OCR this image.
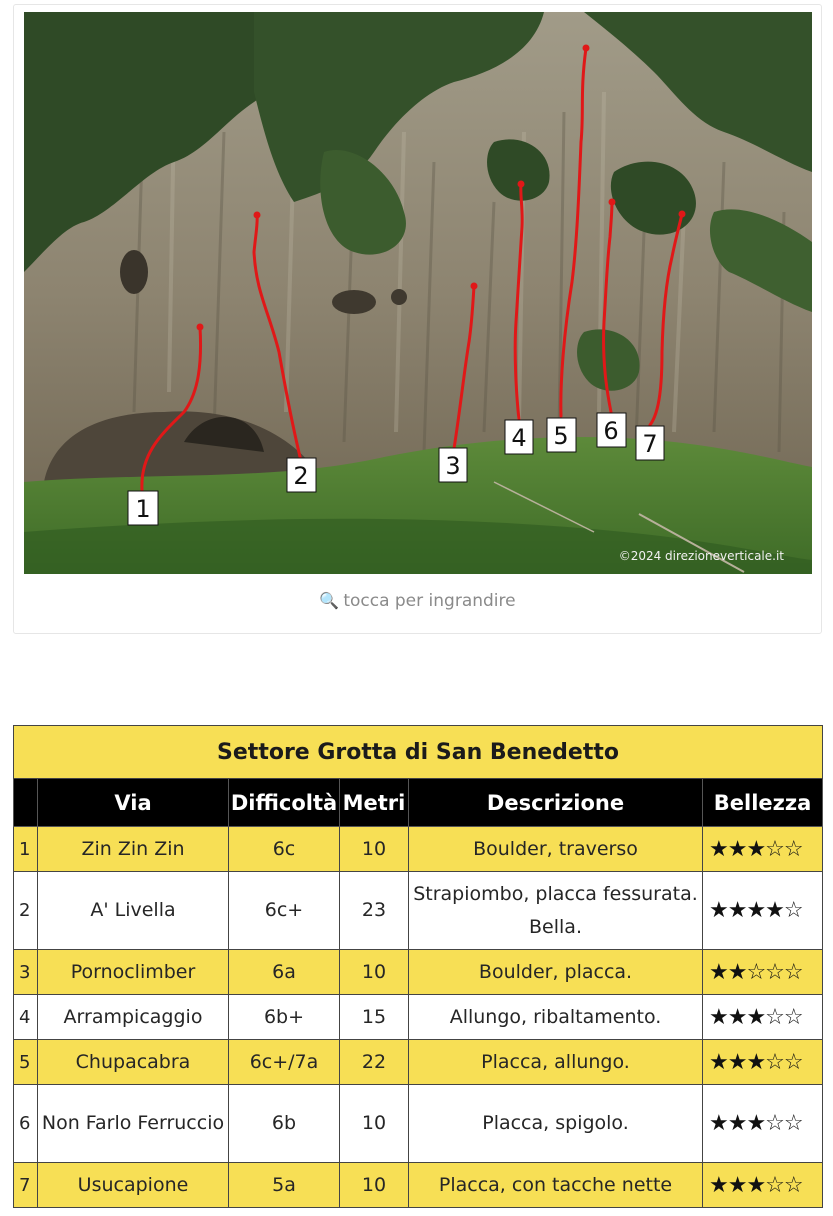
1
2	3
4 5 6 7
©2024 direzioneverticale.it
🔍 tocca per ingrandire
Settore Grotta di San Benedetto					
	Via	Difficoltà	Metri	Descrizione	Bellezza
1	Zin Zin Zin	6c	10	Boulder, traverso	★★★☆☆
2	A' Livella	6c+	23	Strapiombo, placca fessurata. Bella.	★★★★☆
3	Pornoclimber	6a	10	Boulder, placca.	★★☆☆☆
4	Arrampicaggio	6b+	15	Allungo, ribaltamento.	★★★☆☆
5	Chupacabra	6c+/7a	22	Placca, allungo.	★★★☆☆
6	Non Farlo Ferruccio	6b	10	Placca, spigolo.	★★★☆☆
7	Usucapione	5a	10	Placca, con tacche nette	★★★☆☆
